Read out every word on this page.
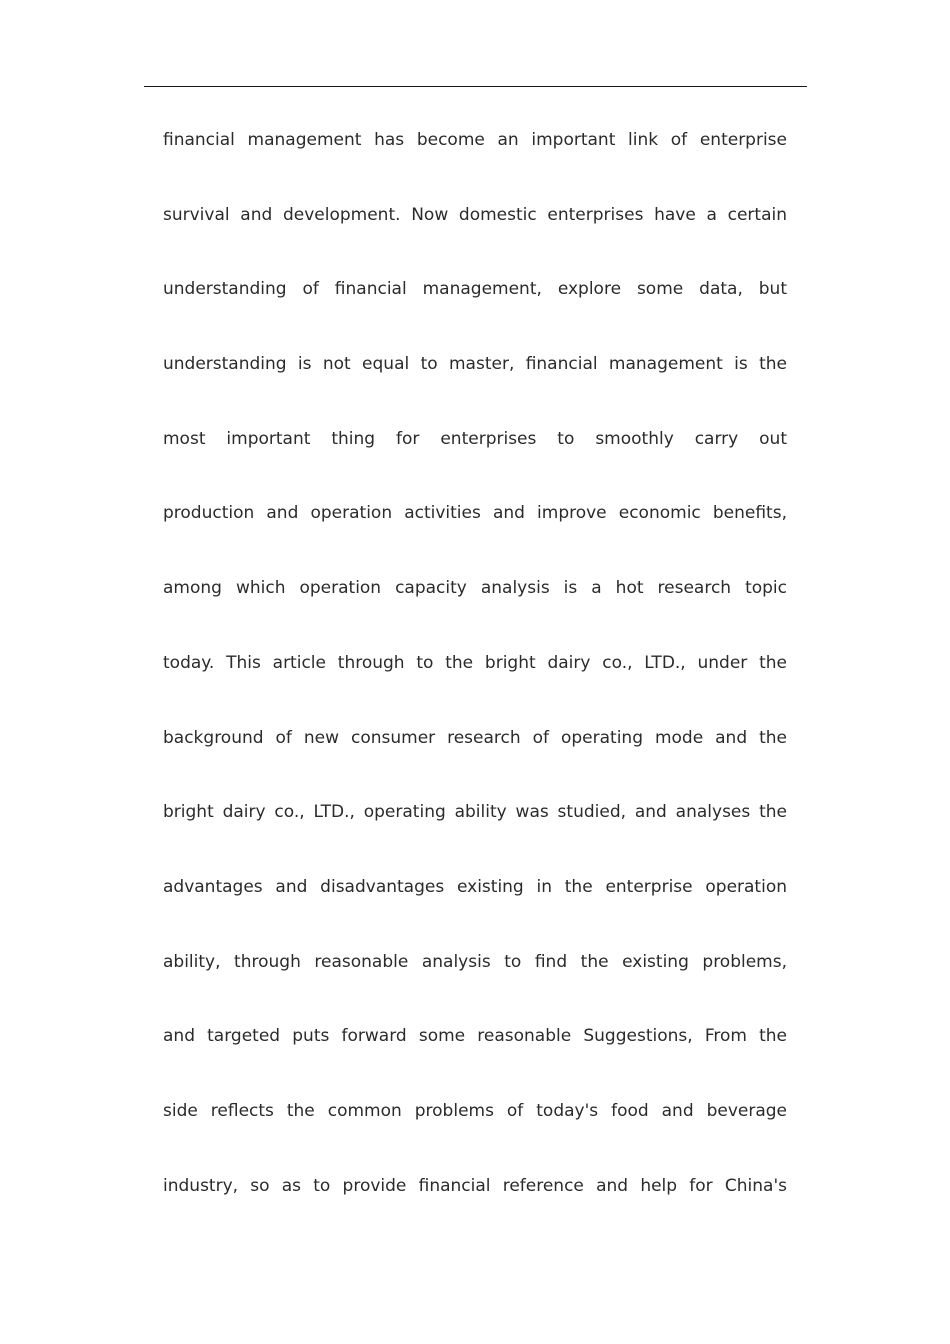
financial management has become an important link of enterprise
survival and development. Now domestic enterprises have a certain
understanding of financial management, explore some data, but
understanding is not equal to master, financial management is the
most important thing for enterprises to smoothly carry out
production and operation activities and improve economic benefits,
among which operation capacity analysis is a hot research topic
today. This article through to the bright dairy co., LTD., under the
background of new consumer research of operating mode and the
bright dairy co., LTD., operating ability was studied, and analyses the
advantages and disadvantages existing in the enterprise operation
ability, through reasonable analysis to find the existing problems,
and targeted puts forward some reasonable Suggestions, From the
side reflects the common problems of today's food and beverage
industry, so as to provide financial reference and help for China's
